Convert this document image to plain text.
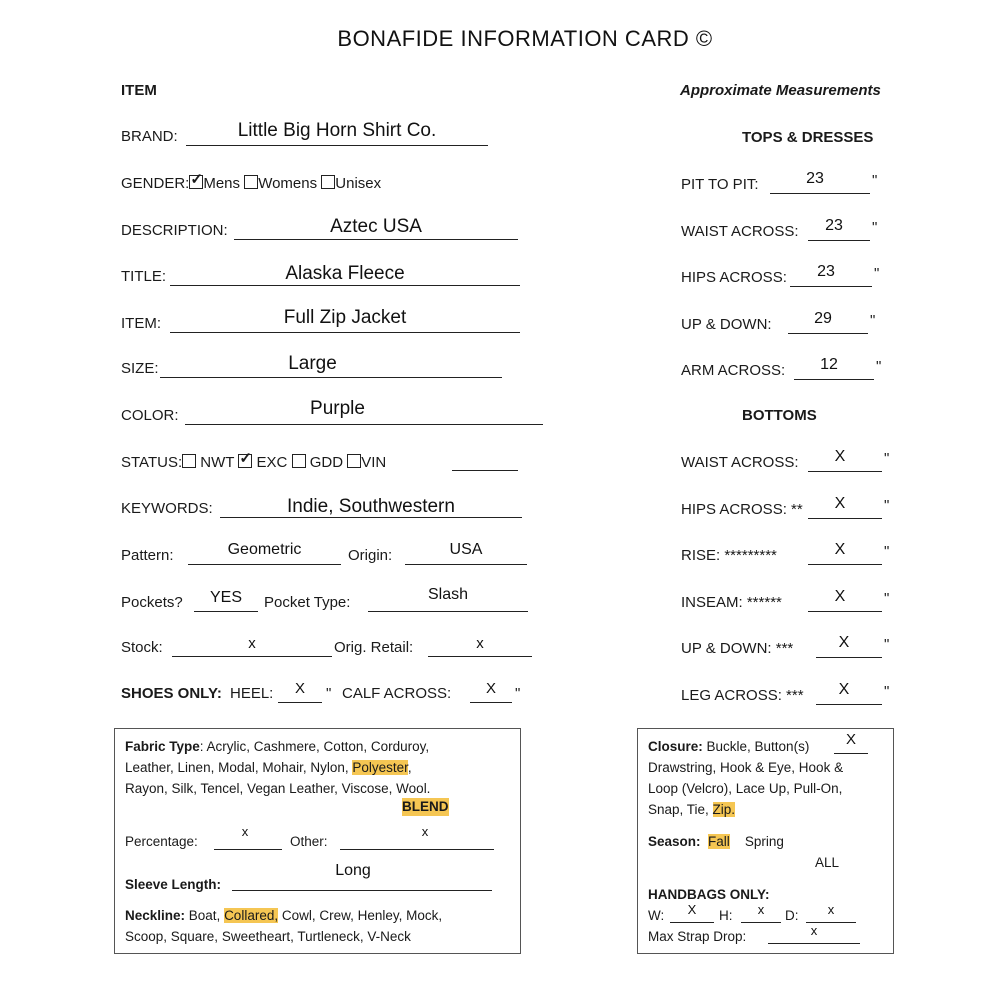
BONAFIDE INFORMATION CARD ©
ITEM
BRAND:	Little Big Horn Shirt Co.
GENDER: ✓ Mens Womens Unisex
DESCRIPTION:	Aztec USA
TITLE:	Alaska Fleece
ITEM:	Full Zip Jacket
SIZE:	Large
COLOR:	Purple
STATUS: NWT ✓ EXC GDD VIN
KEYWORDS:	Indie, Southwestern
Pattern:	Geometric	Origin:	USA
Pockets?	YES	Pocket Type:	Slash
Stock:	x	Orig. Retail:	x
SHOES ONLY: HEEL:	X	" CALF ACROSS:	X	"
Approximate Measurements
TOPS & DRESSES
PIT TO PIT:	23	"
WAIST ACROSS:	23	"
HIPS ACROSS:	23	"
UP & DOWN:	29	"
ARM ACROSS:	12	"
BOTTOMS
WAIST ACROSS:	X	"
HIPS ACROSS: **	X	"
RISE: *********	X	"
INSEAM: ******	X	"
UP & DOWN: ***	X	"
LEG ACROSS: ***	X	"
Fabric Type: Acrylic, Cashmere, Cotton, Corduroy,
Leather, Linen, Modal, Mohair, Nylon, Polyester,
Rayon, Silk, Tencel, Vegan Leather, Viscose, Wool.
BLEND
Percentage:
x
Other:
x
Sleeve Length:
Long
Neckline: Boat, Collared, Cowl, Crew, Henley, Mock,
Scoop, Square, Sweetheart, Turtleneck, V-Neck
Closure: Buckle, Button(s)	X
Drawstring, Hook & Eye, Hook &
Loop (Velcro), Lace Up, Pull-On,
Snap, Tie, Zip.
Season: Fall Spring
ALL
HANDBAGS ONLY:
W:	X	H:	x	D:	x
Max Strap Drop:	x
